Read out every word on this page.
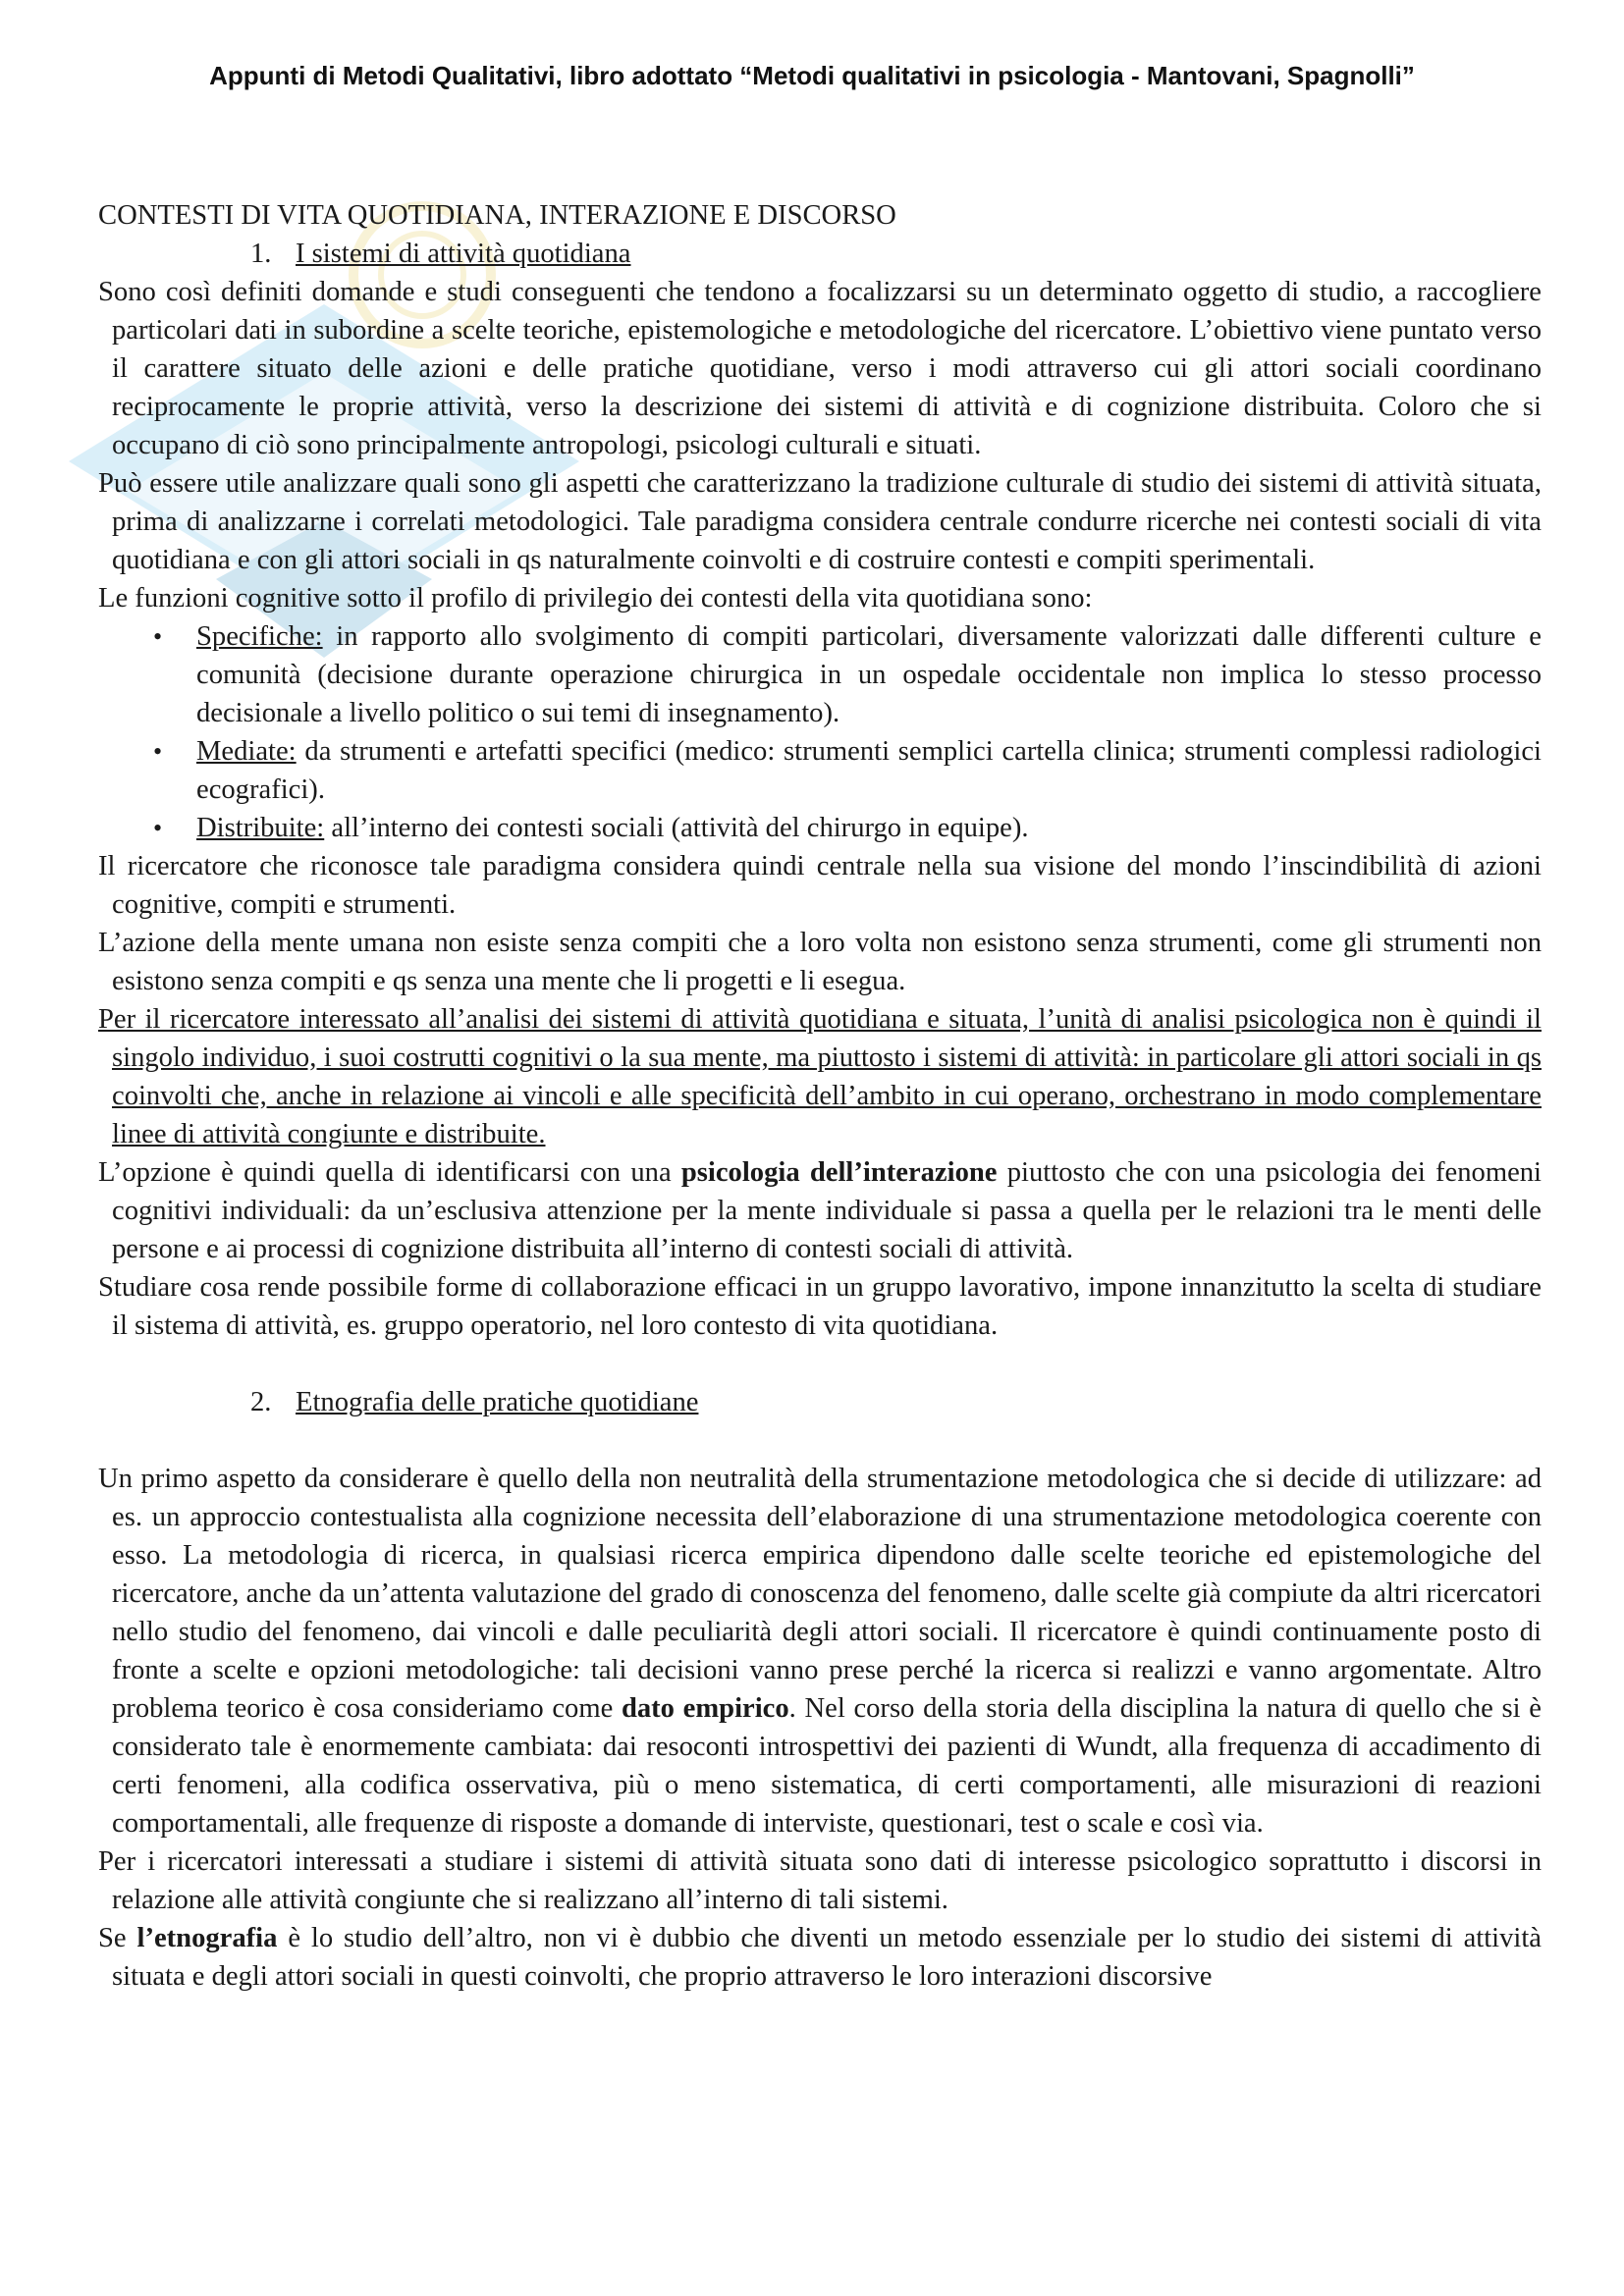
Appunti di Metodi Qualitativi, libro adottato “Metodi qualitativi in psicologia - Mantovani, Spagnolli”
CONTESTI DI VITA QUOTIDIANA, INTERAZIONE E DISCORSO
1. I sistemi di attività quotidiana

Sono così definiti domande e studi conseguenti che tendono a focalizzarsi su un determinato oggetto di studio, a raccogliere particolari dati in subordine a scelte teoriche, epistemologiche e metodologiche del ricercatore. L’obiettivo viene puntato verso il carattere situato delle azioni e delle pratiche quotidiane, verso i modi attraverso cui gli attori sociali coordinano reciprocamente le proprie attività, verso la descrizione dei sistemi di attività e di cognizione distribuita. Coloro che si occupano di ciò sono principalmente antropologi, psicologi culturali e situati.

Può essere utile analizzare quali sono gli aspetti che caratterizzano la tradizione culturale di studio dei sistemi di attività situata, prima di analizzarne i correlati metodologici. Tale paradigma considera centrale condurre ricerche nei contesti sociali di vita quotidiana e con gli attori sociali in qs naturalmente coinvolti e di costruire contesti e compiti sperimentali.

Le funzioni cognitive sotto il profilo di privilegio dei contesti della vita quotidiana sono:

• Specifiche: in rapporto allo svolgimento di compiti particolari, diversamente valorizzati dalle differenti culture e comunità (decisione durante operazione chirurgica in un ospedale occidentale non implica lo stesso processo decisionale a livello politico o sui temi di insegnamento).
• Mediate: da strumenti e artefatti specifici (medico: strumenti semplici cartella clinica; strumenti complessi radiologici ecografici).
• Distribuite: all’interno dei contesti sociali (attività del chirurgo in equipe).

Il ricercatore che riconosce tale paradigma considera quindi centrale nella sua visione del mondo l’inscindibilità di azioni cognitive, compiti e strumenti.

L’azione della mente umana non esiste senza compiti che a loro volta non esistono senza strumenti, come gli strumenti non esistono senza compiti e qs senza una mente che li progetti e li esegua.

Per il ricercatore interessato all’analisi dei sistemi di attività quotidiana e situata, l’unità di analisi psicologica non è quindi il singolo individuo, i suoi costrutti cognitivi o la sua mente, ma piuttosto i sistemi di attività: in particolare gli attori sociali in qs coinvolti che, anche in relazione ai vincoli e alle specificità dell’ambito in cui operano, orchestrano in modo complementare linee di attività congiunte e distribuite.

L’opzione è quindi quella di identificarsi con una psicologia dell’interazione piuttosto che con una psicologia dei fenomeni cognitivi individuali: da un’esclusiva attenzione per la mente individuale si passa a quella per le relazioni tra le menti delle persone e ai processi di cognizione distribuita all’interno di contesti sociali di attività.

Studiare cosa rende possibile forme di collaborazione efficaci in un gruppo lavorativo, impone innanzitutto la scelta di studiare il sistema di attività, es. gruppo operatorio, nel loro contesto di vita quotidiana.

2. Etnografia delle pratiche quotidiane

Un primo aspetto da considerare è quello della non neutralità della strumentazione metodologica che si decide di utilizzare: ad es. un approccio contestualista alla cognizione necessita dell’elaborazione di una strumentazione metodologica coerente con esso. La metodologia di ricerca, in qualsiasi ricerca empirica dipendono dalle scelte teoriche ed epistemologiche del ricercatore, anche da un’attenta valutazione del grado di conoscenza del fenomeno, dalle scelte già compiute da altri ricercatori nello studio del fenomeno, dai vincoli e dalle peculiarità degli attori sociali. Il ricercatore è quindi continuamente posto di fronte a scelte e opzioni metodologiche: tali decisioni vanno prese perché la ricerca si realizzi e vanno argomentate. Altro problema teorico è cosa consideriamo come dato empirico. Nel corso della storia della disciplina la natura di quello che si è considerato tale è enormemente cambiata: dai resoconti introspettivi dei pazienti di Wundt, alla frequenza di accadimento di certi fenomeni, alla codifica osservativa, più o meno sistematica, di certi comportamenti, alle misurazioni di reazioni comportamentali, alle frequenze di risposte a domande di interviste, questionari, test o scale e così via.

Per i ricercatori interessati a studiare i sistemi di attività situata sono dati di interesse psicologico soprattutto i discorsi in relazione alle attività congiunte che si realizzano all’interno di tali sistemi.

Se l’etnografia è lo studio dell’altro, non vi è dubbio che diventi un metodo essenziale per lo studio dei sistemi di attività situata e degli attori sociali in questi coinvolti, che proprio attraverso le loro interazioni discorsive
